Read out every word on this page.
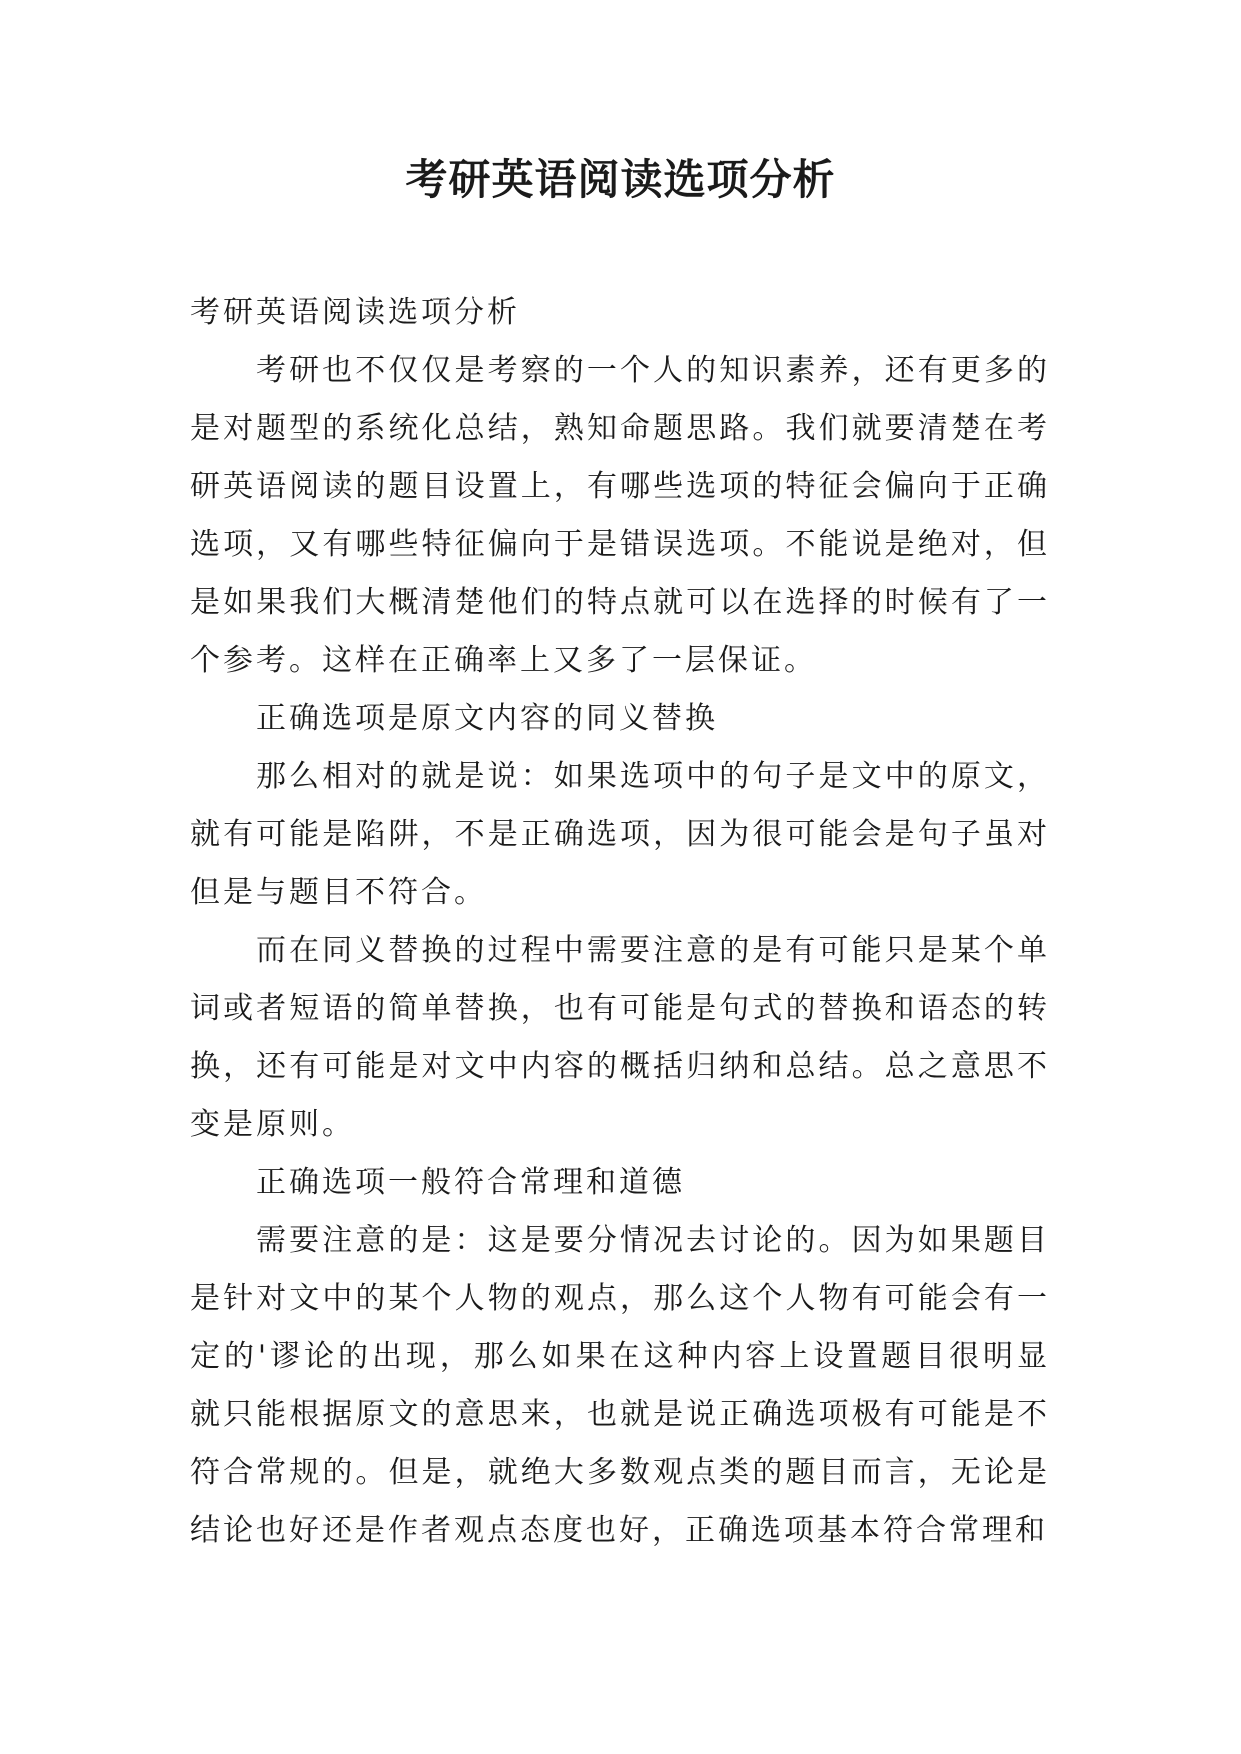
考研英语阅读选项分析

考研英语阅读选项分析

考研也不仅仅是考察的一个人的知识素养，还有更多的是对题型的系统化总结，熟知命题思路。我们就要清楚在考研英语阅读的题目设置上，有哪些选项的特征会偏向于正确选项，又有哪些特征偏向于是错误选项。不能说是绝对，但是如果我们大概清楚他们的特点就可以在选择的时候有了一个参考。这样在正确率上又多了一层保证。

正确选项是原文内容的同义替换

那么相对的就是说：如果选项中的句子是文中的原文，就有可能是陷阱，不是正确选项，因为很可能会是句子虽对但是与题目不符合。

而在同义替换的过程中需要注意的是有可能只是某个单词或者短语的简单替换，也有可能是句式的替换和语态的转换，还有可能是对文中内容的概括归纳和总结。总之意思不变是原则。

正确选项一般符合常理和道德

需要注意的是：这是要分情况去讨论的。因为如果题目是针对文中的某个人物的观点，那么这个人物有可能会有一定的'谬论的出现，那么如果在这种内容上设置题目很明显就只能根据原文的意思来，也就是说正确选项极有可能是不符合常规的。但是，就绝大多数观点类的题目而言，无论是结论也好还是作者观点态度也好，正确选项基本符合常理和
